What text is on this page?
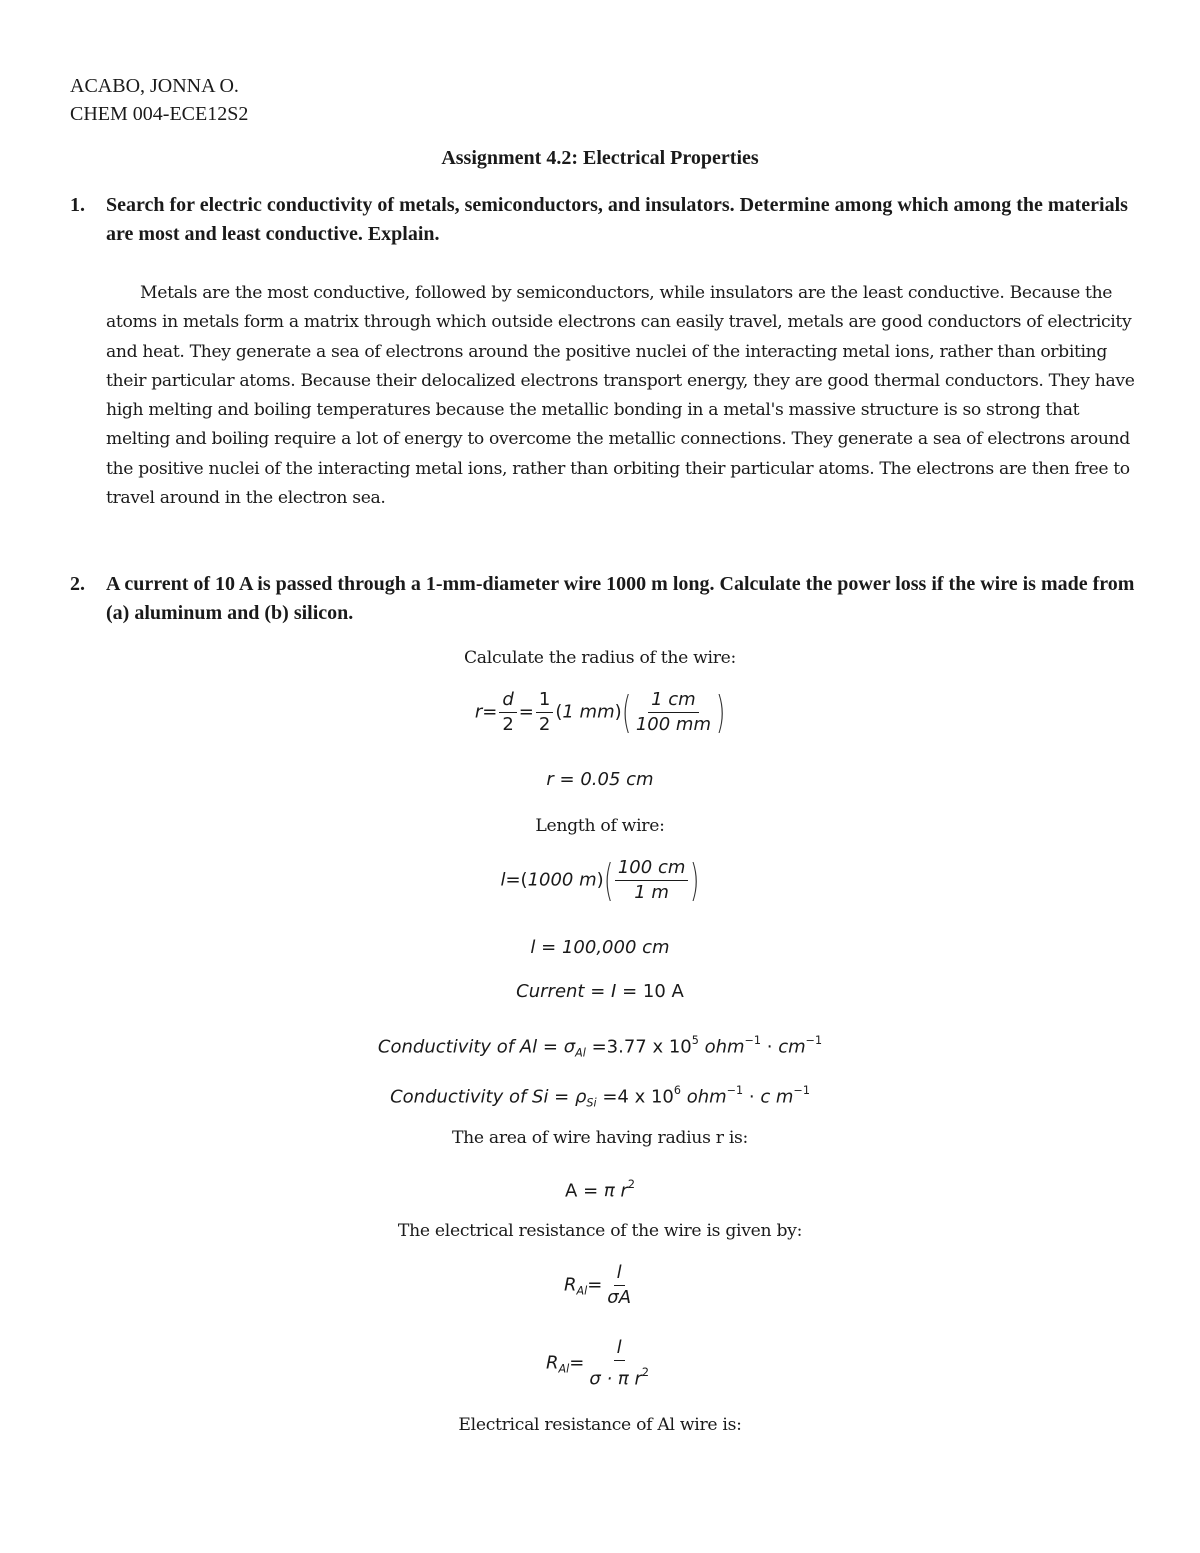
ACABO, JONNA O.
CHEM 004-ECE12S2
Assignment 4.2: Electrical Properties
1. Search for electric conductivity of metals, semiconductors, and insulators. Determine among which among the materials are most and least conductive. Explain.
Metals are the most conductive, followed by semiconductors, while insulators are the least conductive. Because the atoms in metals form a matrix through which outside electrons can easily travel, metals are good conductors of electricity and heat. They generate a sea of electrons around the positive nuclei of the interacting metal ions, rather than orbiting their particular atoms. Because their delocalized electrons transport energy, they are good thermal conductors. They have high melting and boiling temperatures because the metallic bonding in a metal's massive structure is so strong that melting and boiling require a lot of energy to overcome the metallic connections. They generate a sea of electrons around the positive nuclei of the interacting metal ions, rather than orbiting their particular atoms. The electrons are then free to travel around in the electron sea.
2. A current of 10 A is passed through a 1-mm-diameter wire 1000 m long. Calculate the power loss if the wire is made from (a) aluminum and (b) silicon.
Calculate the radius of the wire:
$r= \frac{d}{2} = \frac{1}{2} (1$ $mm)( \frac{1 cm}{100 mm}$ )
r = 0.05 cm
Length of wire:
l=(1000 $m)( \frac{100 cm}{1 m}$ )
l = 100,000 cm
Current = I = 10 A
Conductivity of $Al = \sigma_{Al} =3.77$ x $10^5$ $ohm^{-1} \cdot cm^{-1}$
Conductivity of $Si = \rho_{Si} =4$ x $10^6$ ohm$^{-1}$ · c $m^{-1}$
The area of wire having radius r is:
A = π $r^2$
The electrical resistance of the wire is given by:
$R_{Al}= \frac{l}{\sigma A}$
$R_{Al}= \frac{l}{\sigma \cdot \pi r^2}$
Electrical resistance of Al wire is:
